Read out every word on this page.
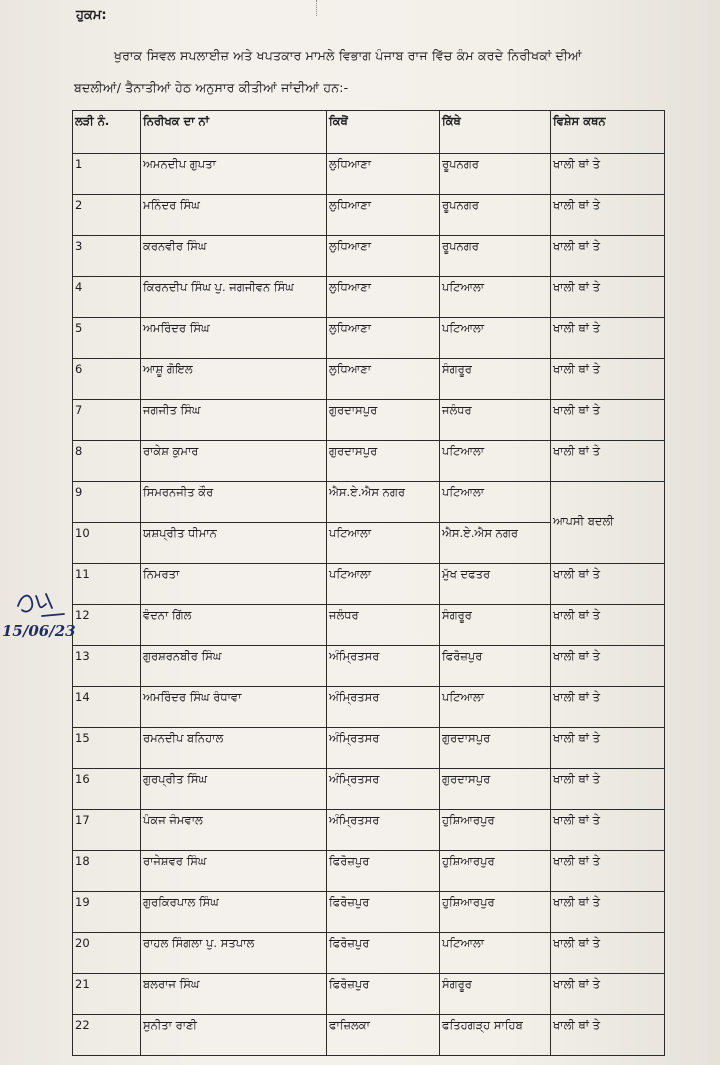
ਹੁਕਮ:
ਖੁਰਾਕ ਸਿਵਲ ਸਪਲਾਈਜ਼ ਅਤੇ ਖਪਤਕਾਰ ਮਾਮਲੇ ਵਿਭਾਗ ਪੰਜਾਬ ਰਾਜ ਵਿੱਚ ਕੰਮ ਕਰਦੇ ਨਿਰੀਖਕਾਂ ਦੀਆਂ
ਬਦਲੀਆਂ/ ਤੈਨਾਤੀਆਂ ਹੇਠ ਅਨੁਸਾਰ ਕੀਤੀਆਂ ਜਾਂਦੀਆਂ ਹਨ:-
ਲੜੀ ਨੰ.	ਨਿਰੀਖਕ ਦਾ ਨਾਂ	ਕਿਥੋਂ	ਕਿੱਥੇ	ਵਿਸ਼ੇਸ ਕਥਨ
1	ਅਮਨਦੀਪ ਗੁਪਤਾ	ਲੁਧਿਆਣਾ	ਰੂਪਨਗਰ	ਖਾਲੀ ਥਾਂ ਤੇ
2	ਮਨਿੰਦਰ ਸਿੰਘ	ਲੁਧਿਆਣਾ	ਰੂਪਨਗਰ	ਖਾਲੀ ਥਾਂ ਤੇ
3	ਕਰਨਵੀਰ ਸਿੰਘ	ਲੁਧਿਆਣਾ	ਰੂਪਨਗਰ	ਖਾਲੀ ਥਾਂ ਤੇ
4	ਕਿਰਨਦੀਪ ਸਿੰਘ ਪੁ. ਜਗਜੀਵਨ ਸਿੰਘ	ਲੁਧਿਆਣਾ	ਪਟਿਆਲਾ	ਖਾਲੀ ਥਾਂ ਤੇ
5	ਅਮਰਿੰਦਰ ਸਿੰਘ	ਲੁਧਿਆਣਾ	ਪਟਿਆਲਾ	ਖਾਲੀ ਥਾਂ ਤੇ
6	ਆਸ਼ੂ ਗੋਇਲ	ਲੁਧਿਆਣਾ	ਸੰਗਰੂਰ	ਖਾਲੀ ਥਾਂ ਤੇ
7	ਜਗਜੀਤ ਸਿੰਘ	ਗੁਰਦਾਸਪੁਰ	ਜਲੰਧਰ	ਖਾਲੀ ਥਾਂ ਤੇ
8	ਰਾਕੇਸ਼ ਕੁਮਾਰ	ਗੁਰਦਾਸਪੁਰ	ਪਟਿਆਲਾ	ਖਾਲੀ ਥਾਂ ਤੇ
9	ਸਿਮਰਨਜੀਤ ਕੌਰ	ਐਸ.ਏ.ਐਸ ਨਗਰ	ਪਟਿਆਲਾ	ਆਪਸੀ ਬਦਲੀ
10	ਯਸ਼ਪ੍ਰੀਤ ਧੀਮਾਨ	ਪਟਿਆਲਾ	ਐਸ.ਏ.ਐਸ ਨਗਰ	
11	ਨਿਮਰਤਾ	ਪਟਿਆਲਾ	ਮੁੱਖ ਦਫਤਰ	ਖਾਲੀ ਥਾਂ ਤੇ
12	ਵੰਦਨਾ ਗਿੱਲ	ਜਲੰਧਰ	ਸੰਗਰੂਰ	ਖਾਲੀ ਥਾਂ ਤੇ
13	ਗੁਰਸ਼ਰਨਬੀਰ ਸਿੰਘ	ਅੰਮ੍ਰਿਤਸਰ	ਫਿਰੋਜ਼ਪੁਰ	ਖਾਲੀ ਥਾਂ ਤੇ
14	ਅਮਰਿੰਦਰ ਸਿੰਘ ਰੰਧਾਵਾ	ਅੰਮ੍ਰਿਤਸਰ	ਪਟਿਆਲਾ	ਖਾਲੀ ਥਾਂ ਤੇ
15	ਰਮਨਦੀਪ ਬਨਿਹਾਲ	ਅੰਮ੍ਰਿਤਸਰ	ਗੁਰਦਾਸਪੁਰ	ਖਾਲੀ ਥਾਂ ਤੇ
16	ਗੁਰਪ੍ਰੀਤ ਸਿੰਘ	ਅੰਮ੍ਰਿਤਸਰ	ਗੁਰਦਾਸਪੁਰ	ਖਾਲੀ ਥਾਂ ਤੇ
17	ਪੰਕਜ ਜੰਮਵਾਲ	ਅੰਮ੍ਰਿਤਸਰ	ਹੁਸ਼ਿਆਰਪੁਰ	ਖਾਲੀ ਥਾਂ ਤੇ
18	ਰਾਜੇਸ਼ਵਰ ਸਿੰਘ	ਫਿਰੋਜ਼ਪੁਰ	ਹੁਸ਼ਿਆਰਪੁਰ	ਖਾਲੀ ਥਾਂ ਤੇ
19	ਗੁਰਕਿਰਪਾਲ ਸਿੰਘ	ਫਿਰੋਜ਼ਪੁਰ	ਹੁਸ਼ਿਆਰਪੁਰ	ਖਾਲੀ ਥਾਂ ਤੇ
20	ਰਾਹਲ ਸਿੰਗਲਾ ਪੁ. ਸਤਪਾਲ	ਫਿਰੋਜ਼ਪੁਰ	ਪਟਿਆਲਾ	ਖਾਲੀ ਥਾਂ ਤੇ
21	ਬਲਰਾਜ ਸਿੰਘ	ਫਿਰੋਜ਼ਪੁਰ	ਸੰਗਰੂਰ	ਖਾਲੀ ਥਾਂ ਤੇ
22	ਸੁਨੀਤਾ ਰਾਣੀ	ਫਾਜ਼ਿਲਕਾ	ਫਤਿਹਗੜ੍ਹ ਸਾਹਿਬ	ਖਾਲੀ ਥਾਂ ਤੇ
15/06/23
